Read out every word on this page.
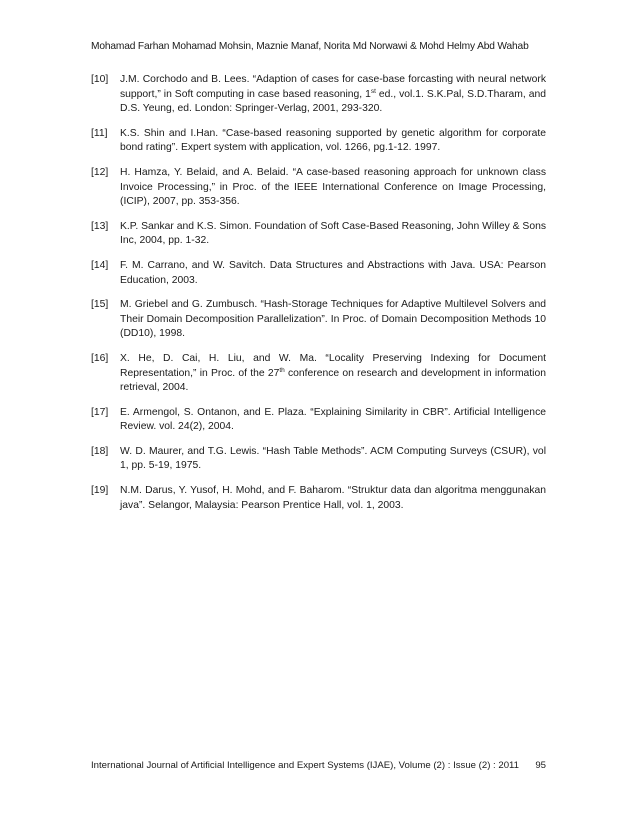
Mohamad Farhan Mohamad Mohsin, Maznie Manaf, Norita Md Norwawi & Mohd Helmy Abd Wahab
[10] J.M. Corchodo and B. Lees. “Adaption of cases for case-base forcasting with neural network support,” in Soft computing in case based reasoning, 1st ed., vol.1. S.K.Pal, S.D.Tharam, and D.S. Yeung, ed. London: Springer-Verlag, 2001, 293-320.
[11] K.S. Shin and I.Han. “Case-based reasoning supported by genetic algorithm for corporate bond rating”. Expert system with application, vol. 1266, pg.1-12. 1997.
[12] H. Hamza, Y. Belaid, and A. Belaid. “A case-based reasoning approach for unknown class Invoice Processing,” in Proc. of the IEEE International Conference on Image Processing, (ICIP), 2007, pp. 353-356.
[13] K.P. Sankar and K.S. Simon. Foundation of Soft Case-Based Reasoning, John Willey & Sons Inc, 2004, pp. 1-32.
[14] F. M. Carrano, and W. Savitch. Data Structures and Abstractions with Java. USA: Pearson Education, 2003.
[15] M. Griebel and G. Zumbusch. “Hash-Storage Techniques for Adaptive Multilevel Solvers and Their Domain Decomposition Parallelization”. In Proc. of Domain Decomposition Methods 10 (DD10), 1998.
[16] X. He, D. Cai, H. Liu, and W. Ma. “Locality Preserving Indexing for Document Representation,” in Proc. of the 27th conference on research and development in information retrieval, 2004.
[17] E. Armengol, S. Ontanon, and E. Plaza. “Explaining Similarity in CBR”. Artificial Intelligence Review. vol. 24(2), 2004.
[18] W. D. Maurer, and T.G. Lewis. “Hash Table Methods”. ACM Computing Surveys (CSUR), vol 1, pp. 5-19, 1975.
[19] N.M. Darus, Y. Yusof, H. Mohd, and F. Baharom. “Struktur data dan algoritma menggunakan java”. Selangor, Malaysia: Pearson Prentice Hall, vol. 1, 2003.
International Journal of Artificial Intelligence and Expert Systems (IJAE), Volume (2) : Issue (2) : 2011 95
